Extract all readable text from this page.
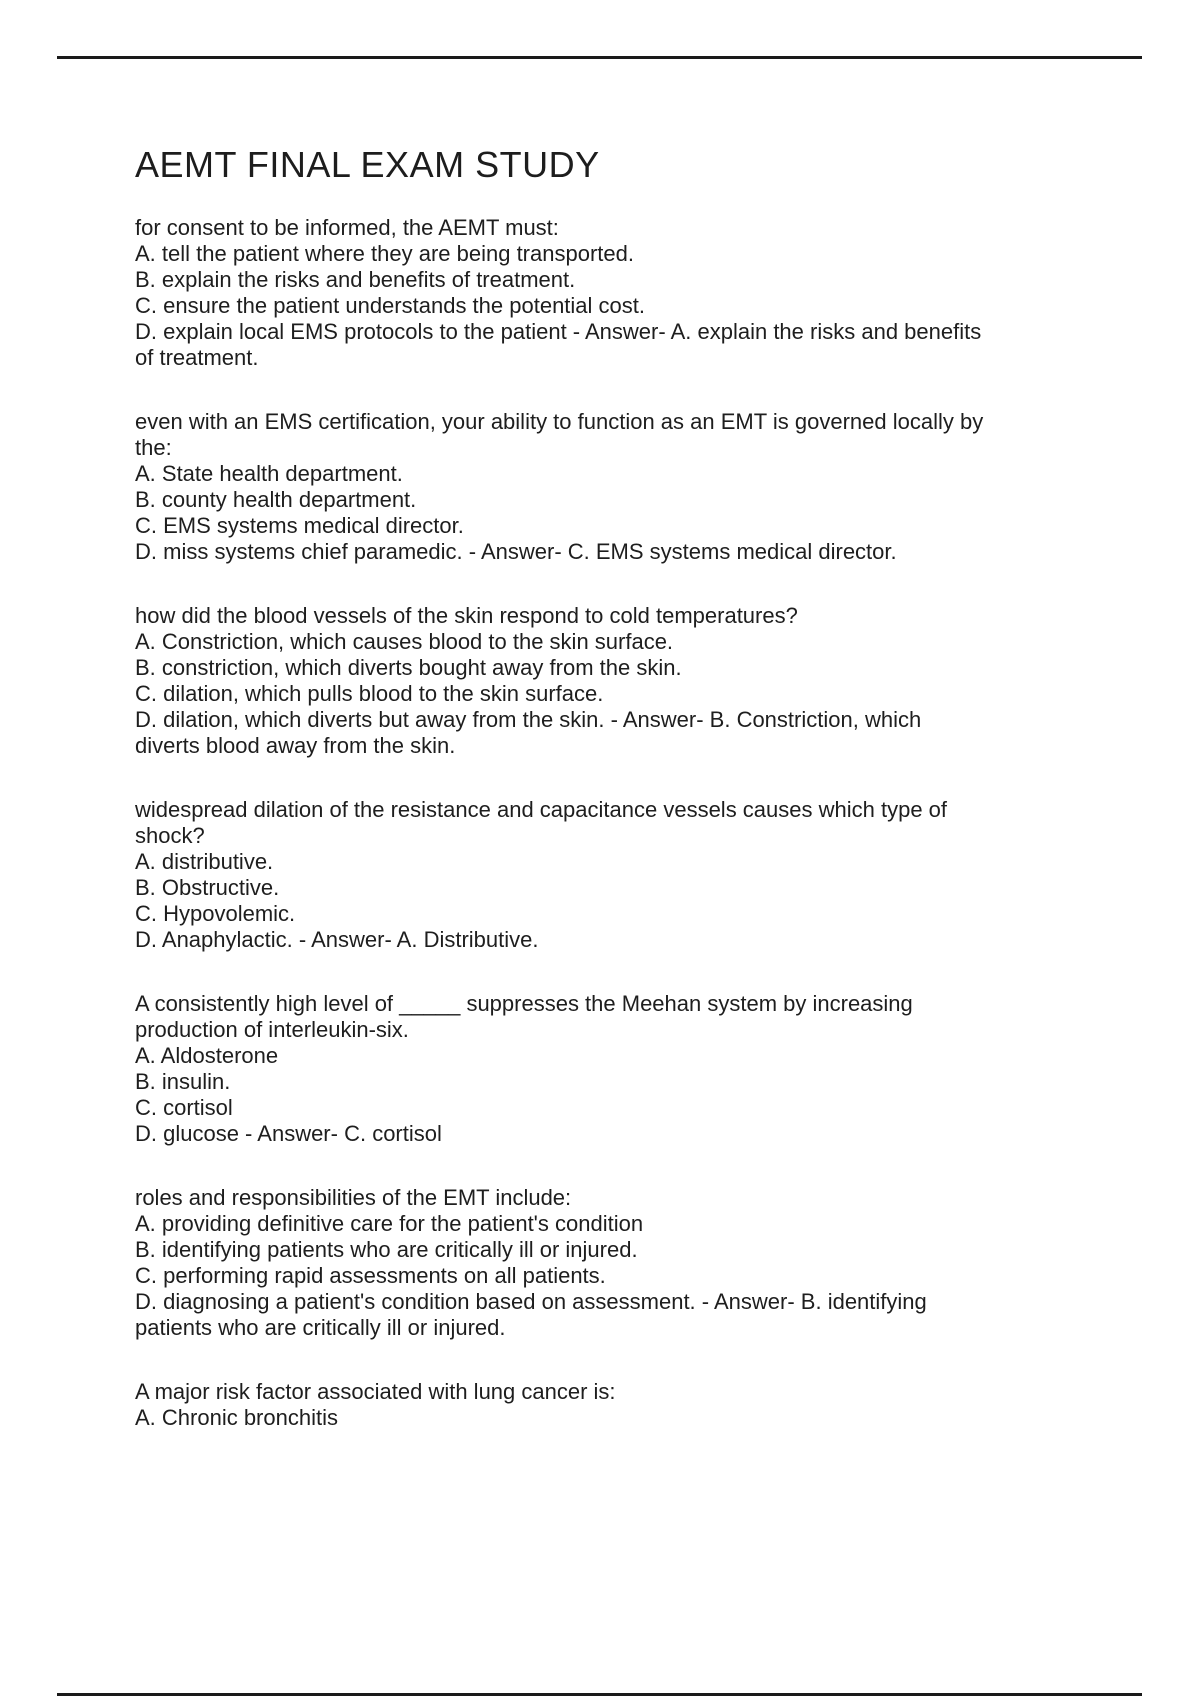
AEMT FINAL EXAM STUDY
for consent to be informed, the AEMT must:
A. tell the patient where they are being transported.
B. explain the risks and benefits of treatment.
C. ensure the patient understands the potential cost.
D. explain local EMS protocols to the patient - Answer- A. explain the risks and benefits
of treatment.
even with an EMS certification, your ability to function as an EMT is governed locally by
the:
A. State health department.
B. county health department.
C. EMS systems medical director.
D. miss systems chief paramedic. - Answer- C. EMS systems medical director.
how did the blood vessels of the skin respond to cold temperatures?
A. Constriction, which causes blood to the skin surface.
B. constriction, which diverts bought away from the skin.
C. dilation, which pulls blood to the skin surface.
D. dilation, which diverts but away from the skin. - Answer- B. Constriction, which
diverts blood away from the skin.
widespread dilation of the resistance and capacitance vessels causes which type of
shock?
A. distributive.
B. Obstructive.
C. Hypovolemic.
D. Anaphylactic. - Answer- A. Distributive.
A consistently high level of _____ suppresses the Meehan system by increasing
production of interleukin-six.
A. Aldosterone
B. insulin.
C. cortisol
D. glucose - Answer- C. cortisol
roles and responsibilities of the EMT include:
A. providing definitive care for the patient's condition
B. identifying patients who are critically ill or injured.
C. performing rapid assessments on all patients.
D. diagnosing a patient's condition based on assessment. - Answer- B. identifying
patients who are critically ill or injured.
A major risk factor associated with lung cancer is:
A. Chronic bronchitis
